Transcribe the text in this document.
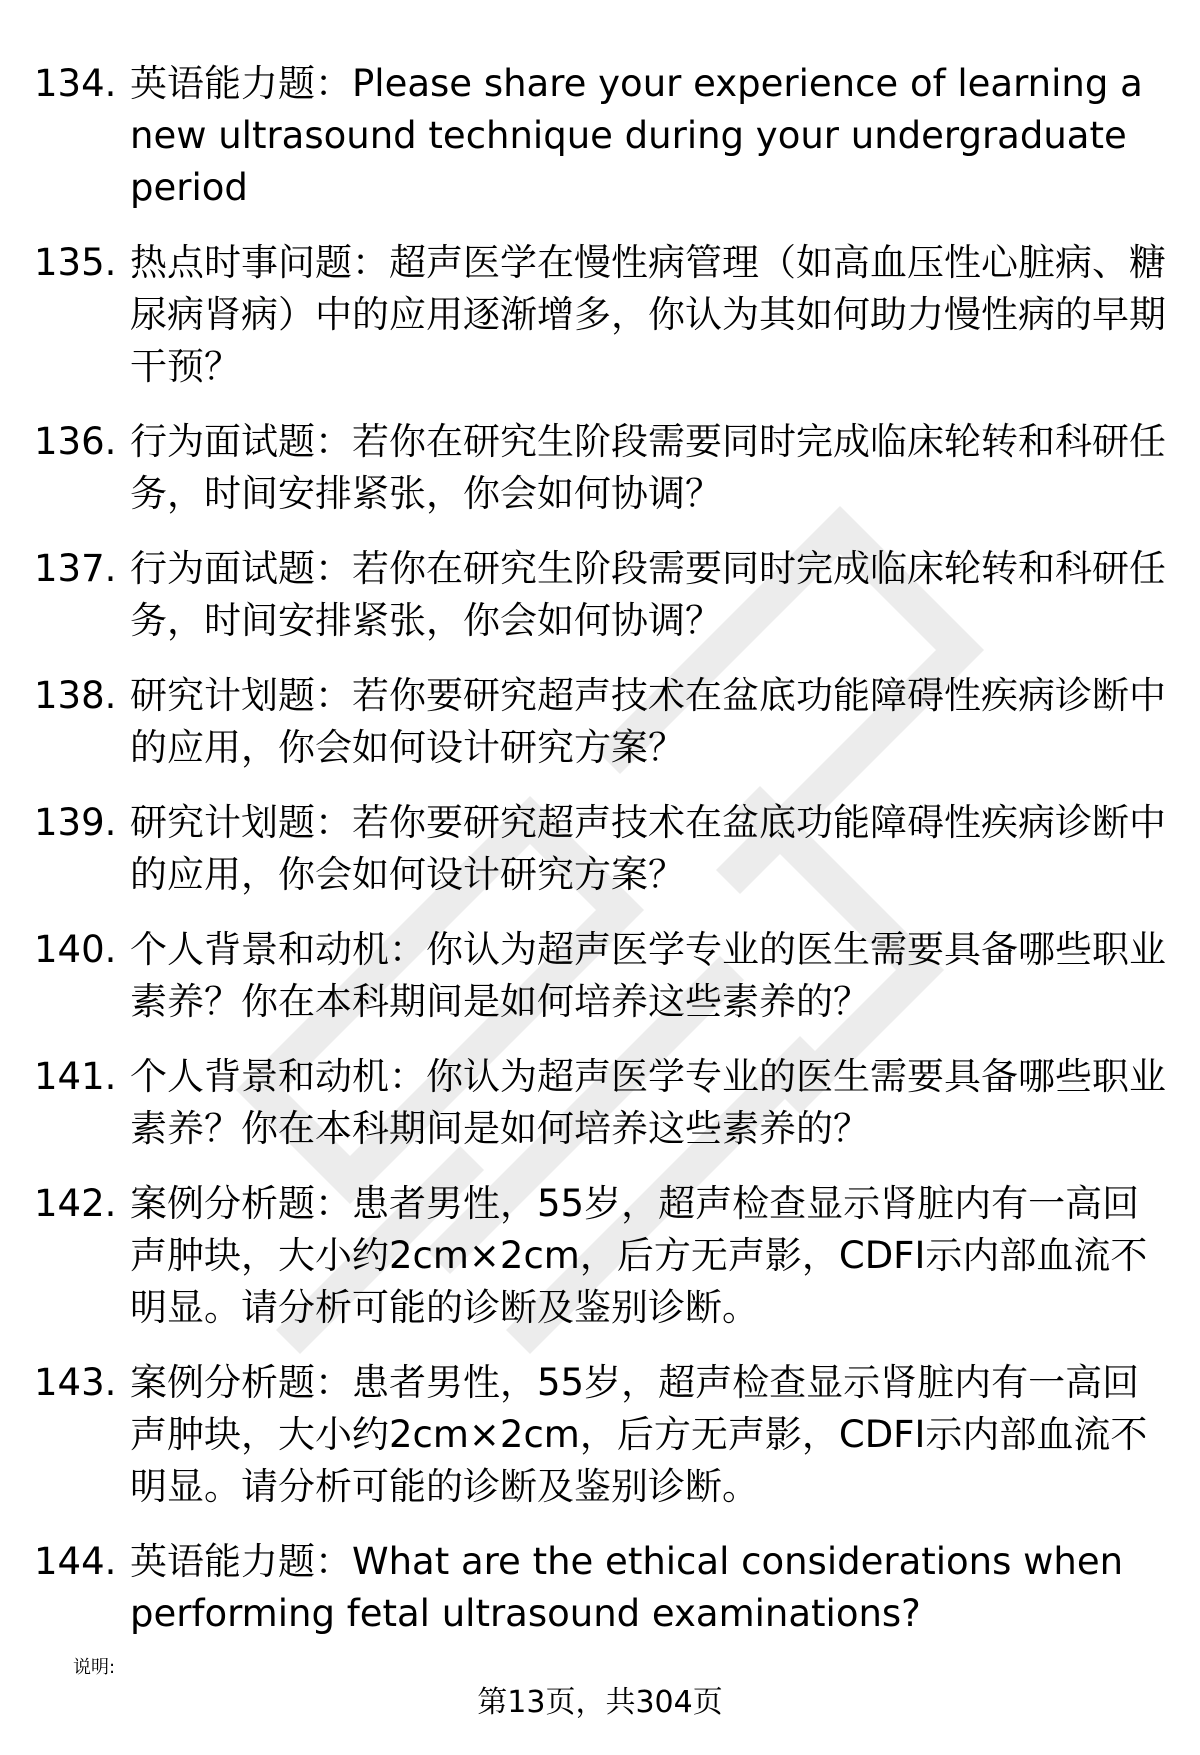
134. 英语能力题：Please share your experience of learning a new ultrasound technique during your undergraduate period
135. 热点时事问题：超声医学在慢性病管理（如高血压性心脏病、糖尿病肾病）中的应用逐渐增多，你认为其如何助力慢性病的早期干预？
136. 行为面试题：若你在研究生阶段需要同时完成临床轮转和科研任务，时间安排紧张，你会如何协调？
137. 行为面试题：若你在研究生阶段需要同时完成临床轮转和科研任务，时间安排紧张，你会如何协调？
138. 研究计划题：若你要研究超声技术在盆底功能障碍性疾病诊断中的应用，你会如何设计研究方案？
139. 研究计划题：若你要研究超声技术在盆底功能障碍性疾病诊断中的应用，你会如何设计研究方案？
140. 个人背景和动机：你认为超声医学专业的医生需要具备哪些职业素养？你在本科期间是如何培养这些素养的？
141. 个人背景和动机：你认为超声医学专业的医生需要具备哪些职业素养？你在本科期间是如何培养这些素养的？
142. 案例分析题：患者男性，55岁，超声检查显示肾脏内有一高回声肿块，大小约2cm×2cm，后方无声影，CDFI示内部血流不明显。请分析可能的诊断及鉴别诊断。
143. 案例分析题：患者男性，55岁，超声检查显示肾脏内有一高回声肿块，大小约2cm×2cm，后方无声影，CDFI示内部血流不明显。请分析可能的诊断及鉴别诊断。
144. 英语能力题：What are the ethical considerations when performing fetal ultrasound examinations?
说明:
第13页，共304页
